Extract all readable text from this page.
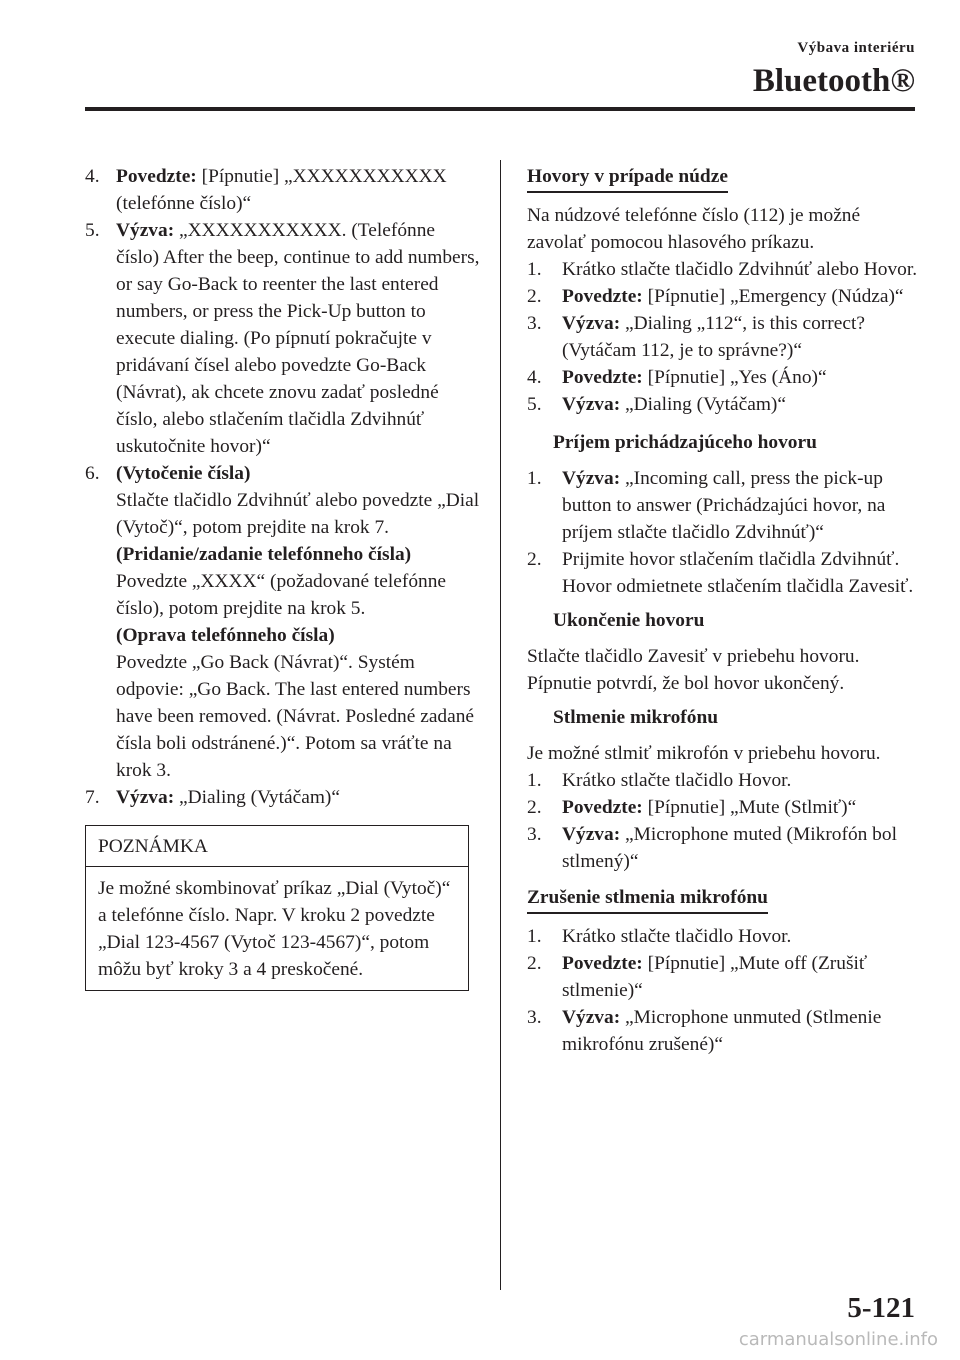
Výbava interiéru
Bluetooth®
4. Povedzte: [Pípnutie] „XXXXXXXXXXX (telefónne číslo)“

5. Výzva: „XXXXXXXXXXX. (Telefónne číslo) After the beep, continue to add numbers, or say Go-Back to reenter the last entered numbers, or press the Pick-Up button to execute dialing. (Po pípnutí pokračujte v pridávaní čísel alebo povedzte Go-Back (Návrat), ak chcete znovu zadať posledné číslo, alebo stlačením tlačidla Zdvihnúť uskutočnite hovor)“

6. (Vytočenie čísla)

Stlačte tlačidlo Zdvihnúť alebo povedzte „Dial (Vytoč)“, potom prejdite na krok 7.

(Pridanie/zadanie telefónneho čísla)

Povedzte „XXXX“ (požadované telefónne číslo), potom prejdite na krok 5.

(Oprava telefónneho čísla)

Povedzte „Go Back (Návrat)“. Systém odpovie: „Go Back. The last entered numbers have been removed. (Návrat. Posledné zadané čísla boli odstránené.)“. Potom sa vráťte na krok 3.

7. Výzva: „Dialing (Vytáčam)“

POZNÁMKA
Je možné skombinovať príkaz „Dial (Vytoč)“ a telefónne číslo. Napr. V kroku 2 povedzte „Dial 123-4567 (Vytoč 123-4567)“, potom môžu byť kroky 3 a 4 preskočené.
Hovory v prípade núdze

Na núdzové telefónne číslo (112) je možné zavolať pomocou hlasového príkazu.

1.	Krátko stlačte tlačidlo Zdvihnúť alebo Hovor.

2.	Povedzte: [Pípnutie] „Emergency (Núdza)“

3.	Výzva: „Dialing „112“, is this correct? (Vytáčam 112, je to správne?)“

4.	Povedzte: [Pípnutie] „Yes (Áno)“

5.	Výzva: „Dialing (Vytáčam)“

Príjem prichádzajúceho hovoru
1.	Výzva: „Incoming call, press the pick-up button to answer (Prichádzajúci hovor, na príjem stlačte tlačidlo Zdvihnúť)“

2.	Prijmite hovor stlačením tlačidla Zdvihnúť.

Hovor odmietnete stlačením tlačidla Zavesiť.

Ukončenie hovoru

Stlačte tlačidlo Zavesiť v priebehu hovoru. Pípnutie potvrdí, že bol hovor ukončený.

Stlmenie mikrofónu

Je možné stlmiť mikrofón v priebehu hovoru.

1.	Krátko stlačte tlačidlo Hovor.

2.	Povedzte: [Pípnutie] „Mute (Stlmiť)“

3.	Výzva: „Microphone muted (Mikrofón bol stlmený)“

Zrušenie stlmenia mikrofónu
1.	Krátko stlačte tlačidlo Hovor.

2.	Povedzte: [Pípnutie] „Mute off (Zrušiť stlmenie)“

3.	Výzva: „Microphone unmuted (Stlmenie mikrofónu zrušené)“

5-121
carmanualsonline.info
